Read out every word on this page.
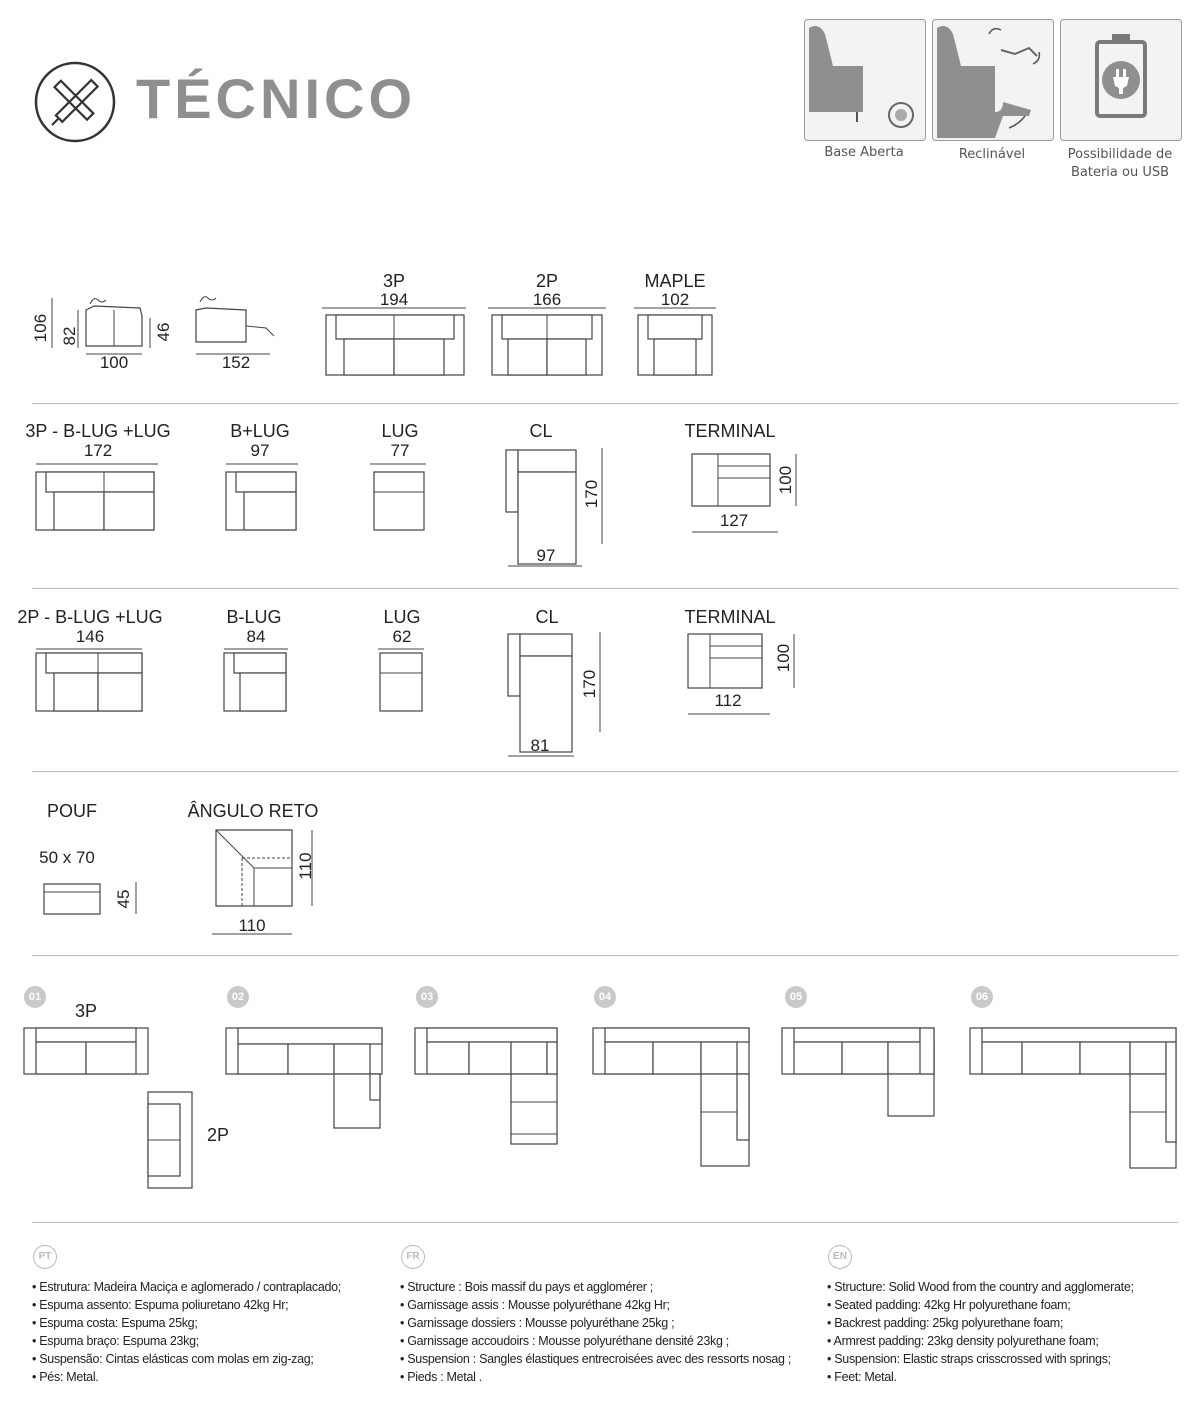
TÉCNICO
Base Aberta	Reclinável	Possibilidade de Bateria ou USB
106 82	46
100	152
3P
194
2P
166
MAPLE
102
3P - B-LUG +LUG
172
B+LUG
97
LUG
77
CL
170
97
TERMINAL
100
127
2P - B-LUG +LUG
146
B-LUG
84
LUG
62
CL
170
81
TERMINAL
100
112
POUF
50 x 70
45
ÂNGULO RETO
110
110
01	02	03	04	05	06
3P
2P
PT
• Estrutura: Madeira Maciça e aglomerado / contraplacado;
• Espuma assento: Espuma poliuretano 42kg Hr;
• Espuma costa: Espuma 25kg;
• Espuma braço: Espuma 23kg;
• Suspensão: Cintas elásticas com molas em zig-zag;
• Pés: Metal.
FR
• Structure : Bois massif du pays et agglomérer ;
• Garnissage assis : Mousse polyuréthane 42kg Hr;
• Garnissage dossiers : Mousse polyuréthane 25kg ;
• Garnissage accoudoirs : Mousse polyuréthane densité 23kg ;
• Suspension : Sangles élastiques entrecroisées avec des ressorts nosag ;
• Pieds : Metal .
EN
• Structure: Solid Wood from the country and agglomerate;
• Seated padding: 42kg Hr polyurethane foam;
• Backrest padding: 25kg polyurethane foam;
• Armrest padding: 23kg density polyurethane foam;
• Suspension: Elastic straps crisscrossed with springs;
• Feet: Metal.
